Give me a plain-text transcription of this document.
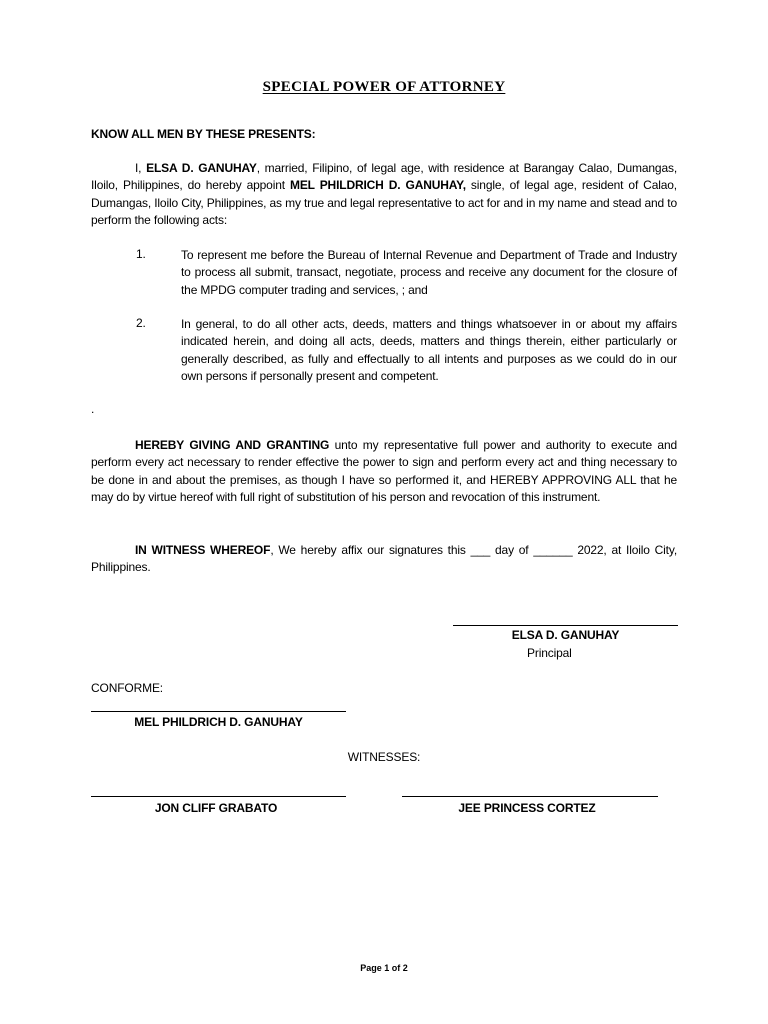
SPECIAL POWER OF ATTORNEY
KNOW ALL MEN BY THESE PRESENTS:
I, ELSA D. GANUHAY, married, Filipino, of legal age, with residence at Barangay Calao, Dumangas, Iloilo, Philippines, do hereby appoint MEL PHILDRICH D. GANUHAY, single, of legal age, resident of Calao, Dumangas, Iloilo City, Philippines, as my true and legal representative to act for and in my name and stead and to perform the following acts:
1.	To represent me before the Bureau of Internal Revenue and Department of Trade and Industry to process all submit, transact, negotiate, process and receive any document for the closure of the MPDG computer trading and services, ; and
2.	In general, to do all other acts, deeds, matters and things whatsoever in or about my affairs indicated herein, and doing all acts, deeds, matters and things therein, either particularly or generally described, as fully and effectually to all intents and purposes as we could do in our own persons if personally present and competent.
.
HEREBY GIVING AND GRANTING unto my representative full power and authority to execute and perform every act necessary to render effective the power to sign and perform every act and thing necessary to be done in and about the premises, as though I have so performed it, and HEREBY APPROVING ALL that he may do by virtue hereof with full right of substitution of his person and revocation of this instrument.
IN WITNESS WHEREOF, We hereby affix our signatures this ___ day of ______ 2022, at Iloilo City, Philippines.
ELSA D. GANUHAY
Principal
CONFORME:
MEL PHILDRICH D. GANUHAY
WITNESSES:
JON CLIFF GRABATO	JEE PRINCESS CORTEZ
Page 1 of 2
